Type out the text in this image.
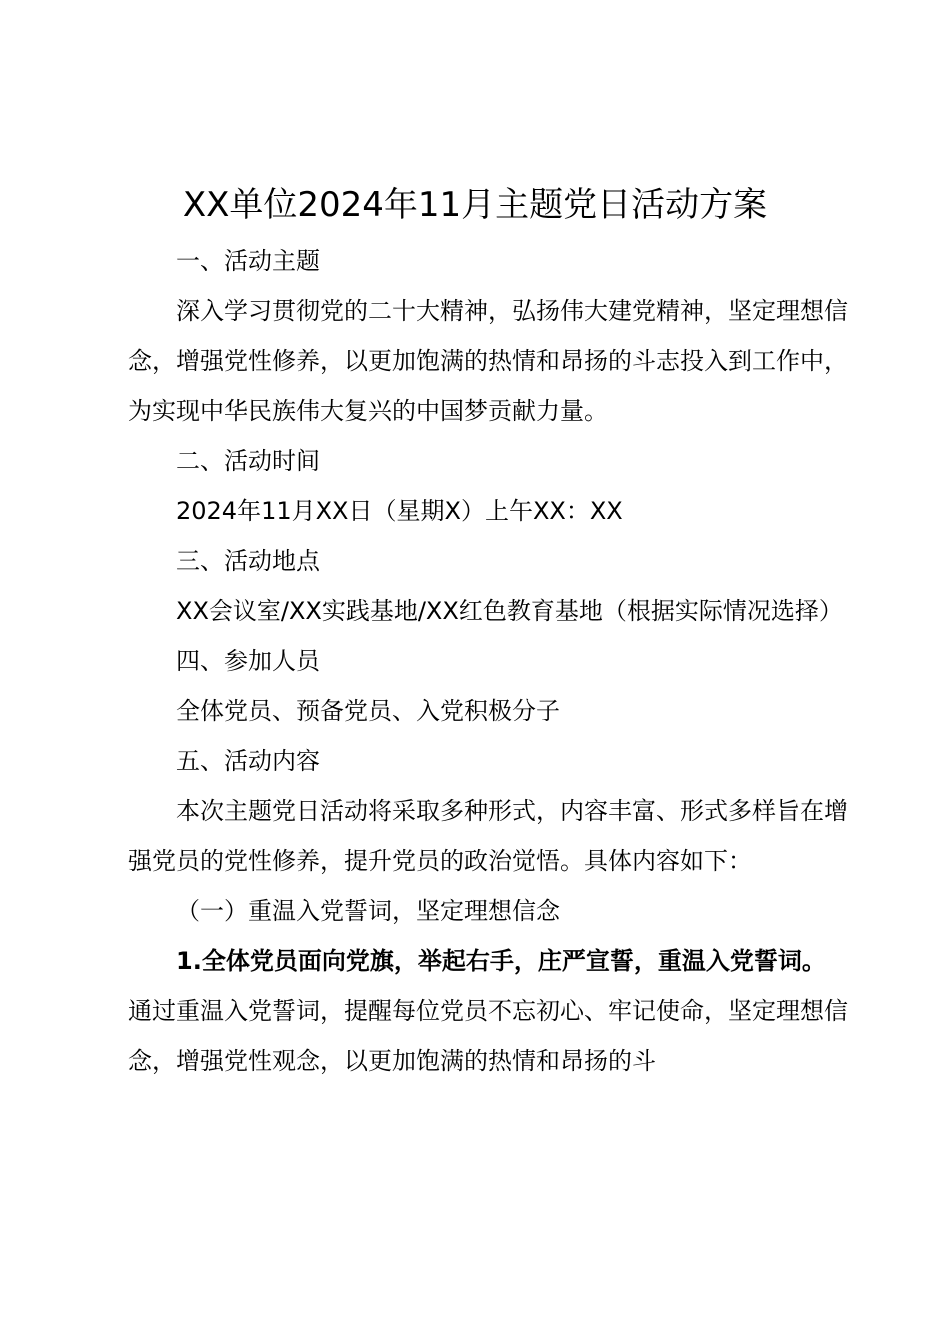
XX单位2024年11月主题党日活动方案

一、活动主题

深入学习贯彻党的二十大精神，弘扬伟大建党精神，坚定理想信念，增强党性修养，以更加饱满的热情和昂扬的斗志投入到工作中，为实现中华民族伟大复兴的中国梦贡献力量。

二、活动时间

2024年11月XX日（星期X）上午XX：XX

三、活动地点

XX会议室/XX实践基地/XX红色教育基地（根据实际情况选择）

四、参加人员

全体党员、预备党员、入党积极分子

五、活动内容

本次主题党日活动将采取多种形式，内容丰富、形式多样旨在增强党员的党性修养，提升党员的政治觉悟。具体内容如下：

（一）重温入党誓词，坚定理想信念

1.全体党员面向党旗，举起右手，庄严宣誓，重温入党誓词。通过重温入党誓词，提醒每位党员不忘初心、牢记使命，坚定理想信念，增强党性观念，以更加饱满的热情和昂扬的斗
